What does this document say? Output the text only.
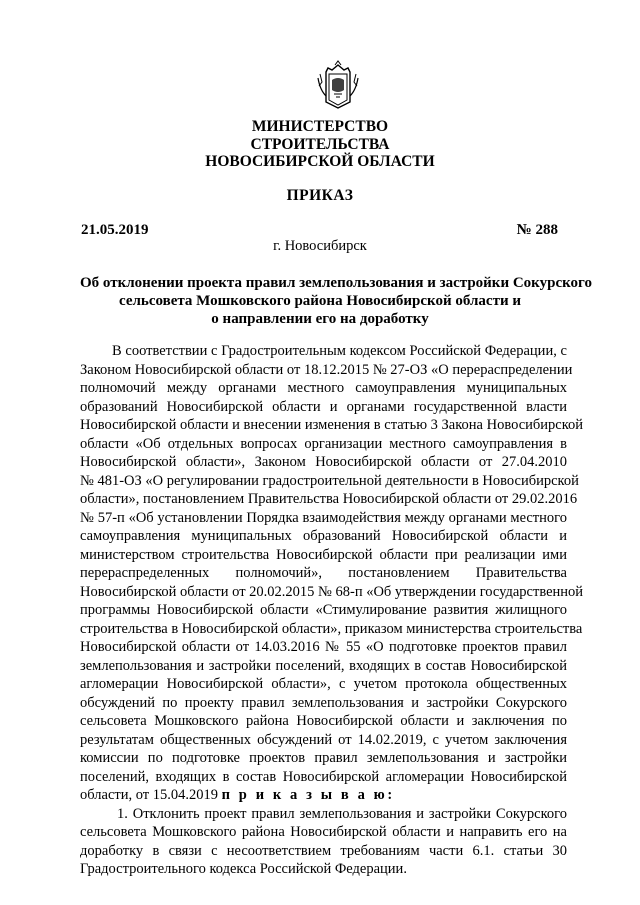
МИНИСТЕРСТВО
СТРОИТЕЛЬСТВА
НОВОСИБИРСКОЙ ОБЛАСТИ
ПРИКАЗ
21.05.2019	№ 288
г. Новосибирск
Об отклонении проекта правил землепользования и застройки Сокурского
сельсовета Мошковского района Новосибирской области и
о направлении его на доработку
В соответствии с Градостроительным кодексом Российской Федерации, с
Законом Новосибирской области от 18.12.2015 № 27-ОЗ «О перераспределении
полномочий между органами местного самоуправления муниципальных
образований Новосибирской области и органами государственной власти
Новосибирской области и внесении изменения в статью 3 Закона Новосибирской
области «Об отдельных вопросах организации местного самоуправления в
Новосибирской области», Законом Новосибирской области от 27.04.2010
№ 481-ОЗ «О регулировании градостроительной деятельности в Новосибирской
области», постановлением Правительства Новосибирской области от 29.02.2016
№ 57-п «Об установлении Порядка взаимодействия между органами местного
самоуправления муниципальных образований Новосибирской области и
министерством строительства Новосибирской области при реализации ими
перераспределенных полномочий», постановлением Правительства
Новосибирской области от 20.02.2015 № 68-п «Об утверждении государственной
программы Новосибирской области «Стимулирование развития жилищного
строительства в Новосибирской области», приказом министерства строительства
Новосибирской области от 14.03.2016 № 55 «О подготовке проектов правил
землепользования и застройки поселений, входящих в состав Новосибирской
агломерации Новосибирской области», с учетом протокола общественных
обсуждений по проекту правил землепользования и застройки Сокурского
сельсовета Мошковского района Новосибирской области и заключения по
результатам общественных обсуждений от 14.02.2019, с учетом заключения
комиссии по подготовке проектов правил землепользования и застройки
поселений, входящих в состав Новосибирской агломерации Новосибирской
области, от 15.04.2019 п р и к а з ы в а ю:
1. Отклонить проект правил землепользования и застройки Сокурского
сельсовета Мошковского района Новосибирской области и направить его на
доработку в связи с несоответствием требованиям части 6.1. статьи 30
Градостроительного кодекса Российской Федерации.
